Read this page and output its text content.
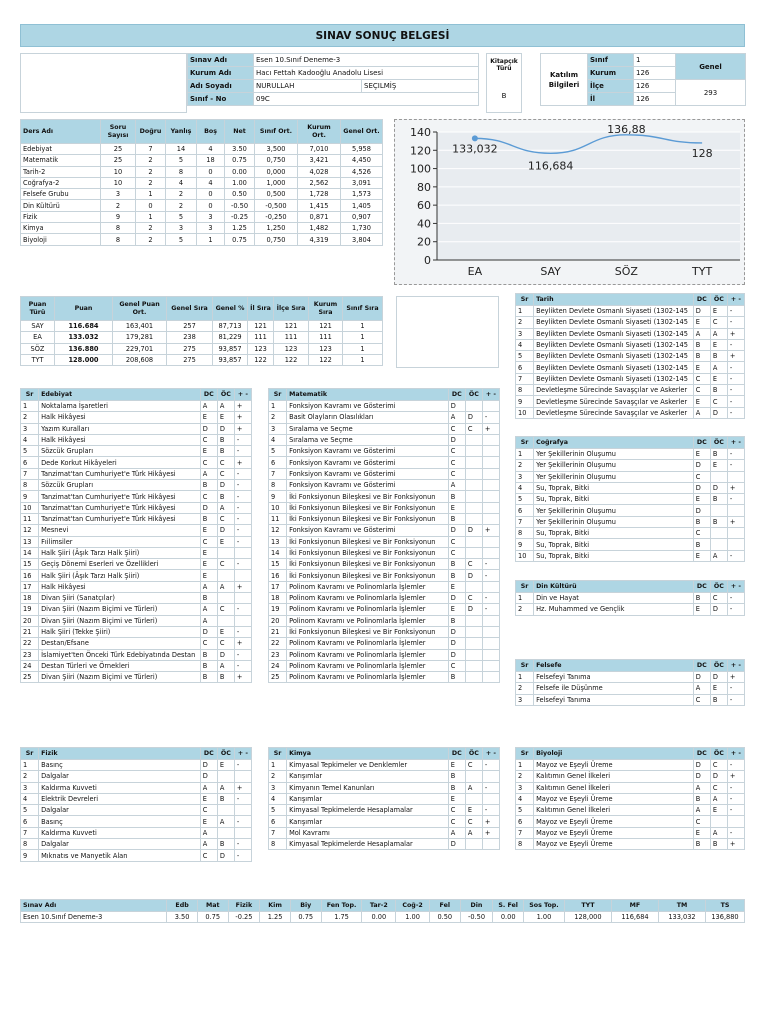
SINAV SONUÇ BELGESİ
Sınav Adı	Esen 10.Sınıf Deneme-3	
Kurum Adı	Hacı Fettah Kadooğlu Anadolu Lisesi	
Adı Soyadı	NURULLAH	SEÇILMİŞ
Sınıf - No	09C	
Kitapçık Türü
B
Katılım Bilgileri	Sınıf	1	Genel
	Kurum	126	
	İlçe	126	293
	İl	126	
Ders Adı	Soru Sayısı	Doğru	Yanlış	Boş	Net	Sınıf Ort.	Kurum Ort.	Genel Ort.
Edebiyat	25	7	14	4	3.50	3,500	7,010	5,958
Matematik	25	2	5	18	0.75	0,750	3,421	4,450
Tarih-2	10	2	8	0	0.00	0,000	4,028	4,526
Coğrafya-2	10	2	4	4	1.00	1,000	2,562	3,091
Felsefe Grubu	3	1	2	0	0.50	0,500	1,728	1,573
Din Kültürü	2	0	2	0	-0.50	-0,500	1,415	1,405
Fizik	9	1	5	3	-0.25	-0,250	0,871	0,907
Kimya	8	2	3	3	1.25	1,250	1,482	1,730
Biyoloji	8	2	5	1	0.75	0,750	4,319	3,804
0
20
40
60
80
100
120
140
EA	SAY	SÖZ	TYT
133,032
116,684
136,88
128
Puan Türü	Puan	Genel Puan Ort.	Genel Sıra	Genel %	İl Sıra	İlçe Sıra	Kurum Sıra	Sınıf Sıra
SAY	116.684	163,401	257	87,713	121	121	121	1
EA	133.032	179,281	238	81,229	111	111	111	1
SÖZ	136.880	229,701	275	93,857	123	123	123	1
TYT	128.000	208,608	275	93,857	122	122	122	1
Sr	Tarih	DC	ÖC	+ -
1	Beylikten Devlete Osmanlı Siyaseti (1302-145	D	E	-
2	Beylikten Devlete Osmanlı Siyaseti (1302-145	E	C	-
3	Beylikten Devlete Osmanlı Siyaseti (1302-145	A	A	+
4	Beylikten Devlete Osmanlı Siyaseti (1302-145	B	E	-
5	Beylikten Devlete Osmanlı Siyaseti (1302-145	B	B	+
6	Beylikten Devlete Osmanlı Siyaseti (1302-145	E	A	-
7	Beylikten Devlete Osmanlı Siyaseti (1302-145	C	E	-
8	Devletleşme Sürecinde Savaşçılar ve Askerler	C	B	-
9	Devletleşme Sürecinde Savaşçılar ve Askerler	E	C	-
10	Devletleşme Sürecinde Savaşçılar ve Askerler	A	D	-
Sr	Edebiyat	DC	ÖC	+ -
1	Noktalama İşaretleri	A	A	+
2	Halk Hikâyesi	E	E	+
3	Yazım Kuralları	D	D	+
4	Halk Hikâyesi	C	B	-
5	Sözcük Grupları	E	B	-
6	Dede Korkut Hikâyeleri	C	C	+
7	Tanzimat'tan Cumhuriyet'e Türk Hikâyesi	A	C	-
8	Sözcük Grupları	B	D	-
9	Tanzimat'tan Cumhuriyet'e Türk Hikâyesi	C	B	-
10	Tanzimat'tan Cumhuriyet'e Türk Hikâyesi	D	A	-
11	Tanzimat'tan Cumhuriyet'e Türk Hikâyesi	B	C	-
12	Mesnevi	E	D	-
13	Fıilimsiler	C	E	-
14	Halk Şiiri (Âşık Tarzı Halk Şiiri)	E		
15	Geçiş Dönemi Eserleri ve Özellikleri	E	C	-
16	Halk Şiiri (Âşık Tarzı Halk Şiiri)	E		
17	Halk Hikâyesi	A	A	+
18	Divan Şiiri (Sanatçılar)	B		
19	Divan Şiiri (Nazım Biçimi ve Türleri)	A	C	-
20	Divan Şiiri (Nazım Biçimi ve Türleri)	A		
21	Halk Şiiri (Tekke Şiiri)	D	E	-
22	Destan/Efsane	C	C	+
23	İslamiyet'ten Önceki Türk Edebiyatında Destan	B	D	-
24	Destan Türleri ve Örnekleri	B	A	-
25	Divan Şiiri (Nazım Biçimi ve Türleri)	B	B	+
Sr	Matematik	DC	ÖC	+ -
1	Fonksiyon Kavramı ve Gösterimi	D		
2	Basit Olayların Olasılıkları	A	D	-
3	Sıralama ve Seçme	C	C	+
4	Sıralama ve Seçme	D		
5	Fonksiyon Kavramı ve Gösterimi	C		
6	Fonksiyon Kavramı ve Gösterimi	C		
7	Fonksiyon Kavramı ve Gösterimi	C		
8	Fonksiyon Kavramı ve Gösterimi	A		
9	İki Fonksiyonun Bileşkesi ve Bir Fonksiyonun	B		
10	İki Fonksiyonun Bileşkesi ve Bir Fonksiyonun	E		
11	İki Fonksiyonun Bileşkesi ve Bir Fonksiyonun	B		
12	Fonksiyon Kavramı ve Gösterimi	D	D	+
13	İki Fonksiyonun Bileşkesi ve Bir Fonksiyonun	C		
14	İki Fonksiyonun Bileşkesi ve Bir Fonksiyonun	C		
15	İki Fonksiyonun Bileşkesi ve Bir Fonksiyonun	B	C	-
16	İki Fonksiyonun Bileşkesi ve Bir Fonksiyonun	B	D	-
17	Polinom Kavramı ve Polinomlarla İşlemler	E		
18	Polinom Kavramı ve Polinomlarla İşlemler	D	C	-
19	Polinom Kavramı ve Polinomlarla İşlemler	E	D	-
20	Polinom Kavramı ve Polinomlarla İşlemler	B		
21	İki Fonksiyonun Bileşkesi ve Bir Fonksiyonun	D		
22	Polinom Kavramı ve Polinomlarla İşlemler	D		
23	Polinom Kavramı ve Polinomlarla İşlemler	D		
24	Polinom Kavramı ve Polinomlarla İşlemler	C		
25	Polinom Kavramı ve Polinomlarla İşlemler	B		
Sr	Coğrafya	DC	ÖC	+ -
1	Yer Şekillerinin Oluşumu	E	B	-
2	Yer Şekillerinin Oluşumu	D	E	-
3	Yer Şekillerinin Oluşumu	C		
4	Su, Toprak, Bitki	D	D	+
5	Su, Toprak, Bitki	E	B	-
6	Yer Şekillerinin Oluşumu	D		
7	Yer Şekillerinin Oluşumu	B	B	+
8	Su, Toprak, Bitki	C		
9	Su, Toprak, Bitki	B		
10	Su, Toprak, Bitki	E	A	-
Sr	Din Kültürü	DC	ÖC	+ -
1	Din ve Hayat	B	C	-
2	Hz. Muhammed ve Gençlik	E	D	-
Sr	Felsefe	DC	ÖC	+ -
1	Felsefeyi Tanıma	D	D	+
2	Felsefe ile Düşünme	A	E	-
3	Felsefeyi Tanıma	C	B	-
Sr	Fizik	DC	ÖC	+ -
1	Basınç	D	E	-
2	Dalgalar	D		
3	Kaldırma Kuvveti	A	A	+
4	Elektrik Devreleri	E	B	-
5	Dalgalar	C		
6	Basınç	E	A	-
7	Kaldırma Kuvveti	A		
8	Dalgalar	A	B	-
9	Mıknatıs ve Manyetik Alan	C	D	-
Sr	Kimya	DC	ÖC	+ -
1	Kimyasal Tepkimeler ve Denklemler	E	C	-
2	Karışımlar	B		
3	Kimyanın Temel Kanunları	B	A	-
4	Karışımlar	E		
5	Kimyasal Tepkimelerde Hesaplamalar	C	E	-
6	Karışımlar	C	C	+
7	Mol Kavramı	A	A	+
8	Kimyasal Tepkimelerde Hesaplamalar	D		
Sr	Biyoloji	DC	ÖC	+ -
1	Mayoz ve Eşeyli Üreme	D	C	-
2	Kalıtımın Genel İlkeleri	D	D	+
3	Kalıtımın Genel İlkeleri	A	C	-
4	Mayoz ve Eşeyli Üreme	B	A	-
5	Kalıtımın Genel İlkeleri	A	E	-
6	Mayoz ve Eşeyli Üreme	C		
7	Mayoz ve Eşeyli Üreme	E	A	-
8	Mayoz ve Eşeyli Üreme	B	B	+
Sınav Adı	Edb	Mat	Fizik	Kim	Biy	Fen Top.	Tar-2	Coğ-2	Fel	Din	S. Fel	Sos Top.	TYT	MF	TM	TS
Esen 10.Sınıf Deneme-3	3.50	0.75	-0.25	1.25	0.75	1.75	0.00	1.00	0.50	-0.50	0.00	1.00	128,000	116,684	133,032	136,880
